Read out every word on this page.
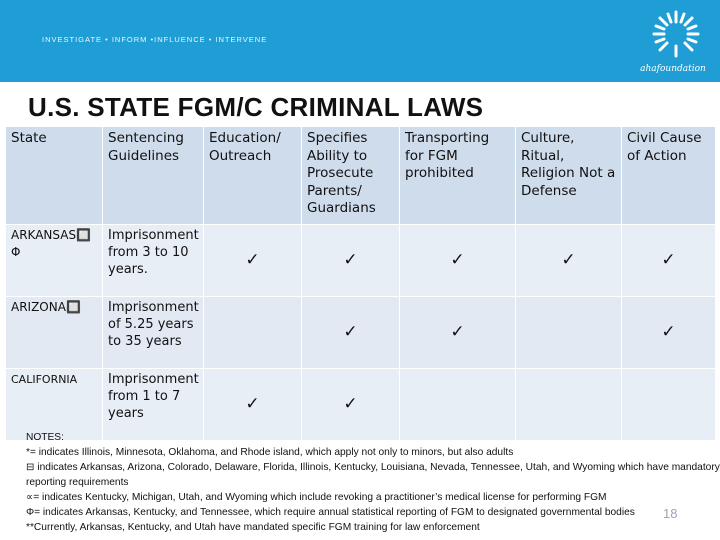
INVESTIGATE • INFORM •INFLUENCE • INTERVENE
ahafoundation
U.S. STATE FGM/C CRIMINAL LAWS
State	Sentencing Guidelines	Education/ Outreach	Specifies Ability to Prosecute Parents/ Guardians	Transporting for FGM prohibited	Culture, Ritual, Religion Not a Defense	Civil Cause of Action
ARKANSAS🔲 Φ	Imprisonment from 3 to 10 years.	✓	✓	✓	✓	✓
ARIZONA🔲	Imprisonment of 5.25 years to 35 years		✓	✓		✓
CALIFORNIA	Imprisonment from 1 to 7 years	✓	✓			
NOTES:
*= indicates Illinois, Minnesota, Oklahoma, and Rhode island, which apply not only to minors, but also adults
⊟ indicates Arkansas, Arizona, Colorado, Delaware, Florida, Illinois, Kentucky, Louisiana, Nevada, Tennessee, Utah, and Wyoming which have mandatory reporting requirements
∝= indicates Kentucky, Michigan, Utah, and Wyoming which include revoking a practitioner’s medical license for performing FGM
Φ= indicates Arkansas, Kentucky, and Tennessee, which require annual statistical reporting of FGM to designated governmental bodies
**Currently, Arkansas, Kentucky, and Utah have mandated specific FGM training for law enforcement
18
